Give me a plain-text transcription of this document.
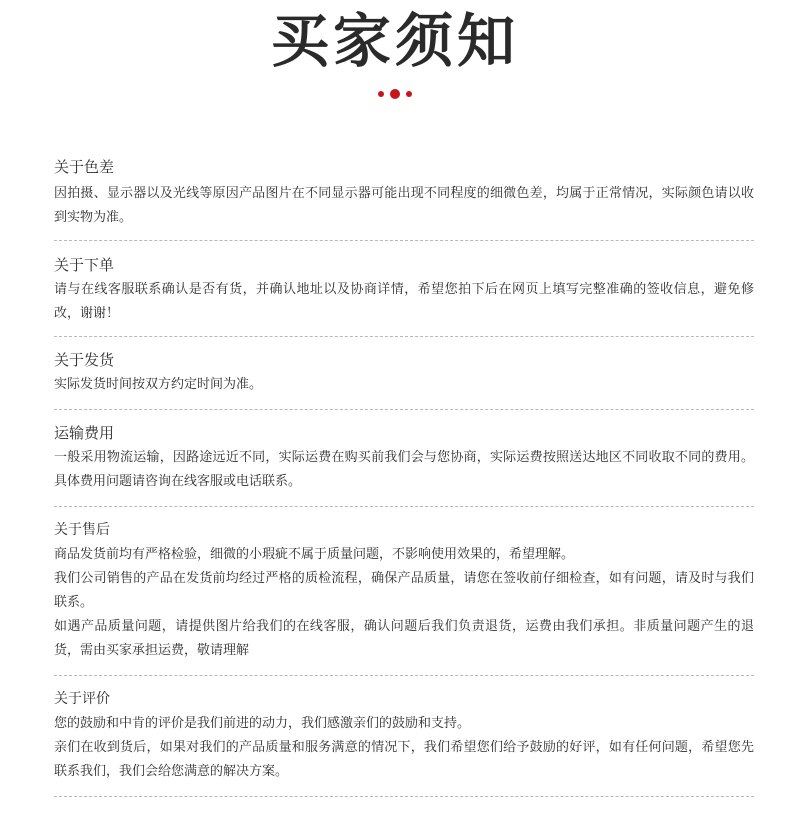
买家须知
关于色差

因拍摄、显示器以及光线等原因产品图片在不同显示器可能出现不同程度的细微色差，均属于正常情况，实际颜色请以收到实物为准。

关于下单

请与在线客服联系确认是否有货，并确认地址以及协商详情，希望您拍下后在网页上填写完整准确的签收信息，避免修改，谢谢！

关于发货

实际发货时间按双方约定时间为准。

运输费用

一般采用物流运输，因路途远近不同，实际运费在购买前我们会与您协商，实际运费按照送达地区不同收取不同的费用。具体费用问题请咨询在线客服或电话联系。

关于售后

商品发货前均有严格检验，细微的小瑕疵不属于质量问题，不影响使用效果的，希望理解。

我们公司销售的产品在发货前均经过严格的质检流程，确保产品质量，请您在签收前仔细检查，如有问题，请及时与我们联系。

如遇产品质量问题，请提供图片给我们的在线客服，确认问题后我们负责退货，运费由我们承担。非质量问题产生的退货，需由买家承担运费，敬请理解

关于评价

您的鼓励和中肯的评价是我们前进的动力，我们感激亲们的鼓励和支持。

亲们在收到货后，如果对我们的产品质量和服务满意的情况下，我们希望您们给予鼓励的好评，如有任何问题，希望您先联系我们，我们会给您满意的解决方案。
